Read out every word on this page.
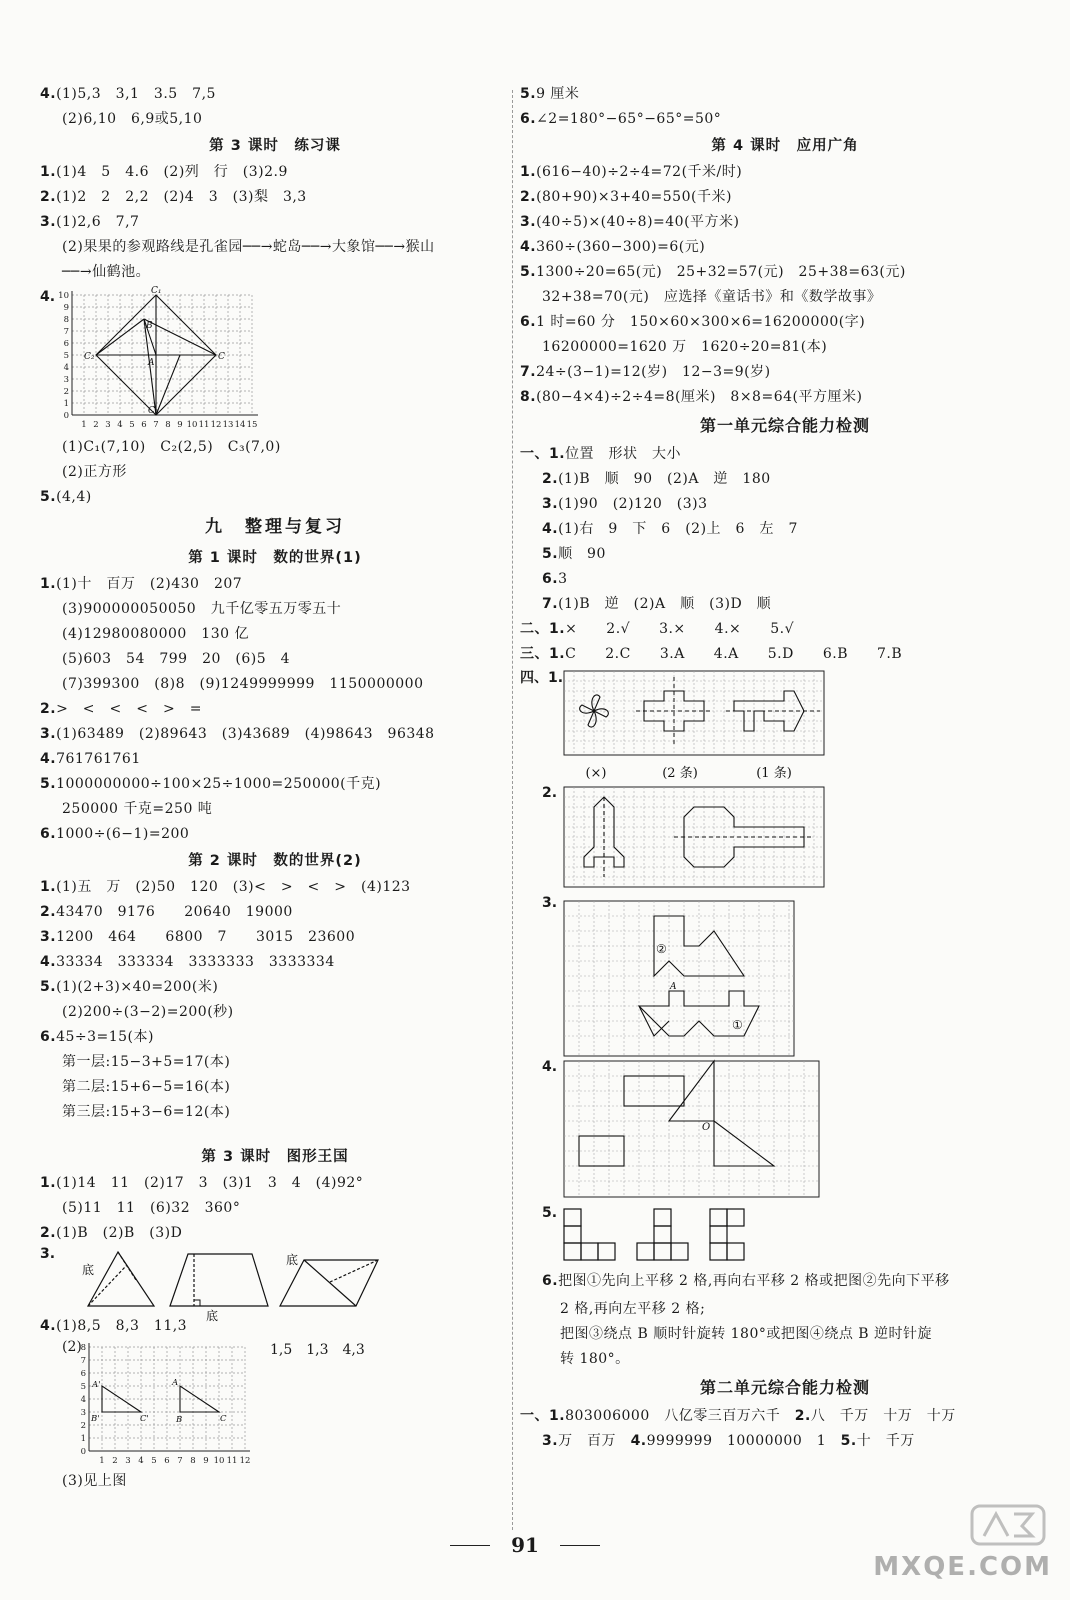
4.(1)5,3　3,1　3.5　7,5
(2)6,10　6,9或5,10
第 3 课时　练习课
1.(1)4　5　4.6　(2)列　行　(3)2.9
2.(1)2　2　2,2　(2)4　3　(3)梨　3,3
3.(1)2,6　7,7
(2)果果的参观路线是孔雀园──→蛇岛──→大象馆──→猴山
──→仙鹤池。
4. 10
9
8
7
6
5
4
3
2
1
0
1 2 3 4 5 6 7 8 9 10 11 12 13 14 15
C₁
B
A
C₂	C
C₃
(1)C₁(7,10)　C₂(2,5)　C₃(7,0)
(2)正方形
5.(4,4)
九　整理与复习
第 1 课时　数的世界(1)
1.(1)十　百万　(2)430　207
(3)900000050050　九千亿零五万零五十
(4)12980080000　130 亿
(5)603　54　799　20　(6)5　4
(7)399300　(8)8　(9)1249999999　1150000000
2.>　<　<　<　>　=
3.(1)63489　(2)89643　(3)43689　(4)98643　96348
4.761761761
5.1000000000÷100×25÷1000=250000(千克)
250000 千克=250 吨
6.1000÷(6−1)=200
第 2 课时　数的世界(2)
1.(1)五　万　(2)50　120　(3)<　>　<　>　(4)123
2.43470　9176　　20640　19000
3.1200　464　　6800　7　　3015　23600
4.33334　333334　3333333　3333334
5.(1)(2+3)×40=200(米)
(2)200÷(3−2)=200(秒)
6.45÷3=15(本)
第一层:15−3+5=17(本)
第二层:15+6−5=16(本)
第三层:15+3−6=12(本)
第 3 课时　图形王国
1.(1)14　11　(2)17　3　(3)1　3　4　(4)92°
(5)11　11　(6)32　360°
2.(1)B　(2)B　(3)D
3.
底
底
底
4.(1)8,5　8,3　11,3
(2)	1,5　1,3　4,3
8
7
6
5
4
3
2
1
0
1 2 3 4 5 6 7 8 9 10 11 12
A'	A
B'	C'	B	C
(3)见上图
5.9 厘米
6.∠2=180°−65°−65°=50°
第 4 课时　应用广角
1.(616−40)÷2÷4=72(千米/时)
2.(80+90)×3+40=550(千米)
3.(40÷5)×(40÷8)=40(平方米)
4.360÷(360−300)=6(元)
5.1300÷20=65(元)　25+32=57(元)　25+38=63(元)
32+38=70(元)　应选择《童话书》和《数学故事》
6.1 时=60 分　150×60×300×6=16200000(字)
16200000=1620 万　1620÷20=81(本)
7.24÷(3−1)=12(岁)　12−3=9(岁)
8.(80−4×4)÷2÷4=8(厘米)　8×8=64(平方厘米)
第一单元综合能力检测
一、1.位置　形状　大小
2.(1)B　顺　90　(2)A　逆　180
3.(1)90　(2)120　(3)3
4.(1)右　9　下　6　(2)上　6　左　7
5.顺　90
6.3
7.(1)B　逆　(2)A　顺　(3)D　顺
二、1.×　　2.√　　3.×　　4.×　　5.√
三、1.C　　2.C　　3.A　　4.A　　5.D　　6.B　　7.B
四、1.
(×)	(2 条)	(1 条)
2.
3.
②
A
①
4.
O
5.
6.把图①先向上平移 2 格,再向右平移 2 格或把图②先向下平移
2 格,再向左平移 2 格;
把图③绕点 B 顺时针旋转 180°或把图④绕点 B 逆时针旋
转 180°。
第二单元综合能力检测
一、1.803006000　八亿零三百万六千　2.八　千万　十万　十万
3.万　百万　4.9999999　10000000　1　5.十　千万
91
MXQE.COM
